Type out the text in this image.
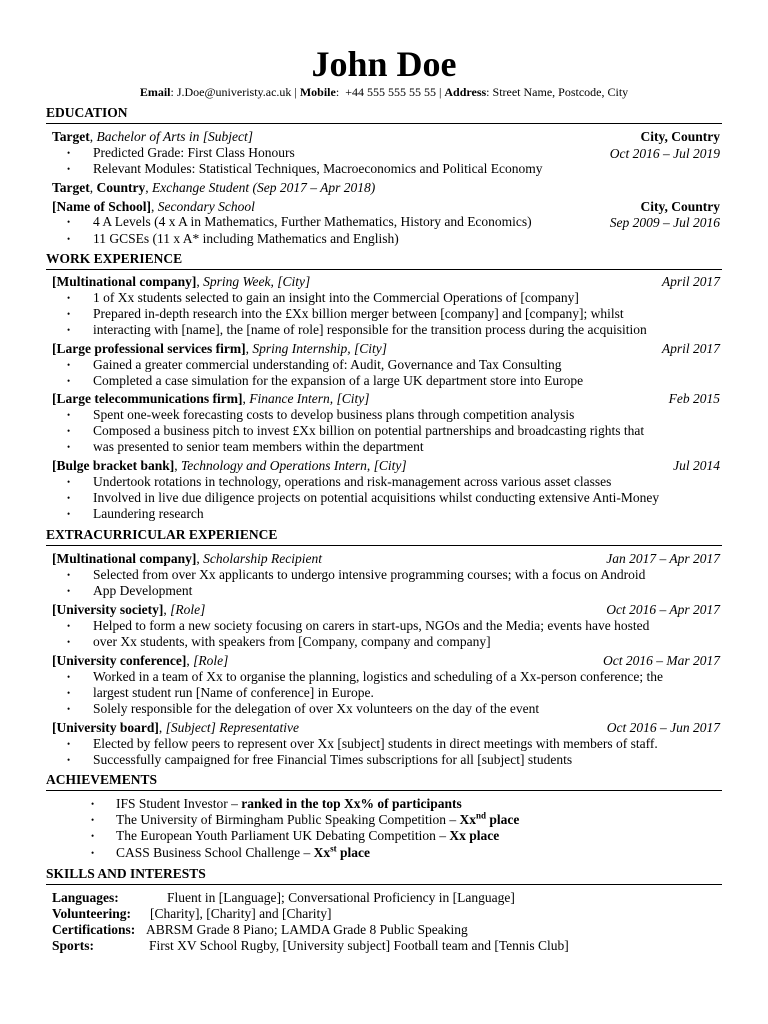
John Doe
Email: J.Doe@univeristy.ac.uk | Mobile:  +44 555 555 55 55 | Address: Street Name, Postcode, City
EDUCATION
Target, Bachelor of Arts in [Subject]	City, Country
• Predicted Grade: First Class Honours	Oct 2016 – Jul 2019
• Relevant Modules: Statistical Techniques, Macroeconomics and Political Economy
Target, Country, Exchange Student (Sep 2017 – Apr 2018)
[Name of School], Secondary School	City, Country
• 4 A Levels (4 x A in Mathematics, Further Mathematics, History and Economics)	Sep 2009 – Jul 2016
• 11 GCSEs (11 x A* including Mathematics and English)
WORK EXPERIENCE
[Multinational company], Spring Week, [City]	April 2017
• 1 of Xx students selected to gain an insight into the Commercial Operations of [company]
• Prepared in-depth research into the £Xx billion merger between [company] and [company]; whilst
• interacting with [name], the [name of role] responsible for the transition process during the acquisition
[Large professional services firm], Spring Internship, [City]	April 2017
• Gained a greater commercial understanding of: Audit, Governance and Tax Consulting
• Completed a case simulation for the expansion of a large UK department store into Europe
[Large telecommunications firm], Finance Intern, [City]	Feb 2015
• Spent one-week forecasting costs to develop business plans through competition analysis
• Composed a business pitch to invest £Xx billion on potential partnerships and broadcasting rights that
• was presented to senior team members within the department
[Bulge bracket bank], Technology and Operations Intern, [City]	Jul 2014
• Undertook rotations in technology, operations and risk-management across various asset classes
• Involved in live due diligence projects on potential acquisitions whilst conducting extensive Anti-Money
• Laundering research
EXTRACURRICULAR EXPERIENCE
[Multinational company], Scholarship Recipient	Jan 2017 – Apr 2017
• Selected from over Xx applicants to undergo intensive programming courses; with a focus on Android
• App Development
[University society], [Role]	Oct 2016 – Apr 2017
• Helped to form a new society focusing on carers in start-ups, NGOs and the Media; events have hosted
• over Xx students, with speakers from [Company, company and company]
[University conference], [Role]	Oct 2016 – Mar 2017
• Worked in a team of Xx to organise the planning, logistics and scheduling of a Xx-person conference; the
• largest student run [Name of conference] in Europe.
• Solely responsible for the delegation of over Xx volunteers on the day of the event
[University board], [Subject] Representative	Oct 2016 – Jun 2017
• Elected by fellow peers to represent over Xx [subject] students in direct meetings with members of staff.
• Successfully campaigned for free Financial Times subscriptions for all [subject] students
ACHIEVEMENTS
• IFS Student Investor – ranked in the top Xx% of participants
• The University of Birmingham Public Speaking Competition – $Xx^{nd}$ place
• The European Youth Parliament UK Debating Competition – Xx place
• CASS Business School Challenge – $Xx^{st}$ place
SKILLS AND INTERESTS
Languages:	Fluent in [Language]; Conversational Proficiency in [Language]
Volunteering: [Charity], [Charity] and [Charity]
Certifications: ABRSM Grade 8 Piano; LAMDA Grade 8 Public Speaking
Sports:	First XV School Rugby, [University subject] Football team and [Tennis Club]
